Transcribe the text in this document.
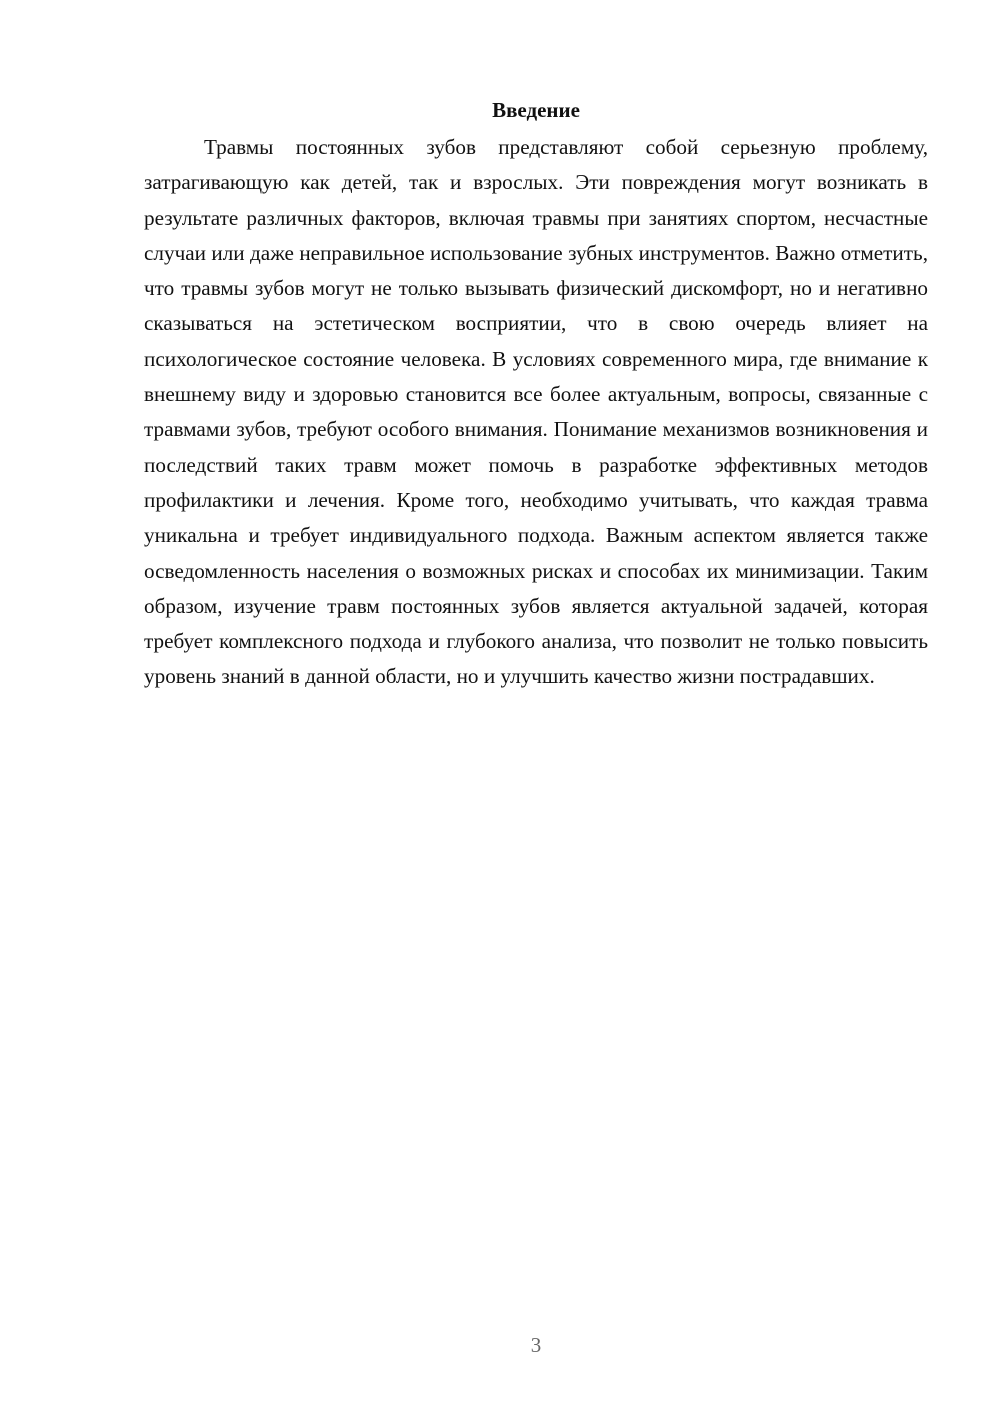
Введение

Травмы постоянных зубов представляют собой серьезную проблему, затрагивающую как детей, так и взрослых. Эти повреждения могут возникать в результате различных факторов, включая травмы при занятиях спортом, несчастные случаи или даже неправильное использование зубных инструментов. Важно отметить, что травмы зубов могут не только вызывать физический дискомфорт, но и негативно сказываться на эстетическом восприятии, что в свою очередь влияет на психологическое состояние человека. В условиях современного мира, где внимание к внешнему виду и здоровью становится все более актуальным, вопросы, связанные с травмами зубов, требуют особого внимания. Понимание механизмов возникновения и последствий таких травм может помочь в разработке эффективных методов профилактики и лечения. Кроме того, необходимо учитывать, что каждая травма уникальна и требует индивидуального подхода. Важным аспектом является также осведомленность населения о возможных рисках и способах их минимизации. Таким образом, изучение травм постоянных зубов является актуальной задачей, которая требует комплексного подхода и глубокого анализа, что позволит не только повысить уровень знаний в данной области, но и улучшить качество жизни пострадавших.

3
